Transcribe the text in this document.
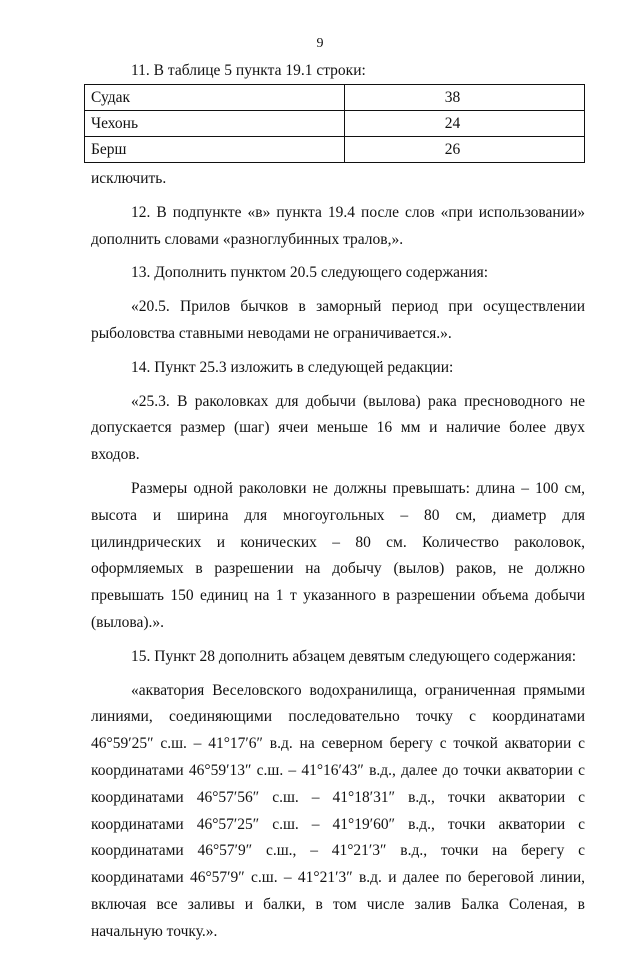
9
11. В таблице 5 пункта 19.1 строки:
Судак	38
Чехонь	24
Берш	26

исключить.

12. В подпункте «в» пункта 19.4 после слов «при использовании» дополнить словами «разноглубинных тралов,».

13. Дополнить пунктом 20.5 следующего содержания:

«20.5. Прилов бычков в заморный период при осуществлении рыболовства ставными неводами не ограничивается.».

14. Пункт 25.3 изложить в следующей редакции:

«25.3. В раколовках для добычи (вылова) рака пресноводного не допускается размер (шаг) ячеи меньше 16 мм и наличие более двух входов.

Размеры одной раколовки не должны превышать: длина – 100 см, высота и ширина для многоугольных – 80 см, диаметр для цилиндрических и конических – 80 см. Количество раколовок, оформляемых в разрешении на добычу (вылов) раков, не должно превышать 150 единиц на 1 т указанного в разрешении объема добычи (вылова).».

15. Пункт 28 дополнить абзацем девятым следующего содержания:

«акватория Веселовского водохранилища, ограниченная прямыми линиями, соединяющими последовательно точку с координатами 46°59′25″ с.ш. – 41°17′6″ в.д. на северном берегу с точкой акватории с координатами 46°59′13″ с.ш. – 41°16′43″ в.д., далее до точки акватории с координатами 46°57′56″ с.ш. – 41°18′31″ в.д., точки акватории с координатами 46°57′25″ с.ш. – 41°19′60″ в.д., точки акватории с координатами 46°57′9″ с.ш., – 41°21′3″ в.д., точки на берегу с координатами 46°57′9″ с.ш. – 41°21′3″ в.д. и далее по береговой линии, включая все заливы и балки, в том числе залив Балка Соленая, в начальную точку.».
